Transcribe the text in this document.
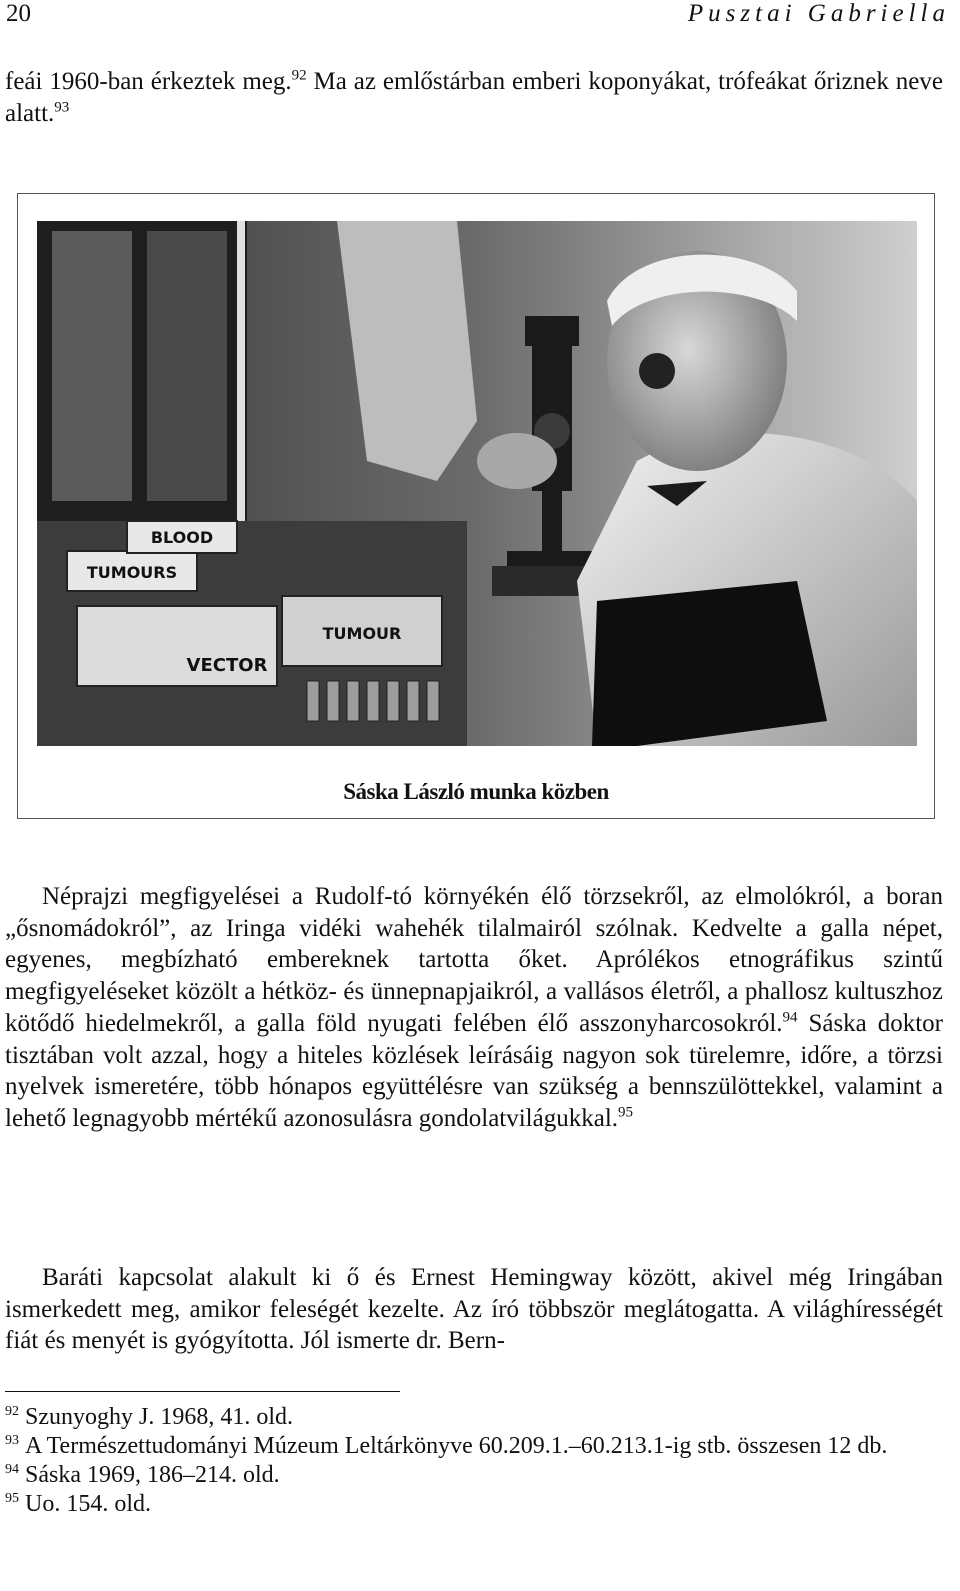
20	Pusztai Gabriella

feái 1960-ban érkeztek meg.$^{92}$ Ma az emlőstárban emberi koponyákat, trófeákat őriznek neve alatt.$^{93}$

TUMOURS
BLOOD
VECTOR
TUMOUR
Sáska László munka közben

Néprajzi megfigyelései a Rudolf-tó környékén élő törzsekről, az elmolókról, a boran „ősnomádokról”, az Iringa vidéki wahehék tilalmairól szólnak. Kedvelte a galla népet, egyenes, megbízható embereknek tartotta őket. Aprólékos etnográfikus szintű megfigyeléseket közölt a hétköz- és ünnepnapjaikról, a vallásos életről, a phallosz kultuszhoz kötődő hiedelmekről, a galla föld nyugati felében élő asszonyharcosokról.$^{94}$ Sáska doktor tisztában volt azzal, hogy a hiteles közlések leírásáig nagyon sok türelemre, időre, a törzsi nyelvek ismeretére, több hónapos együttélésre van szükség a bennszülöttekkel, valamint a lehető legnagyobb mértékű azonosulásra gondolatvilágukkal.$^{95}$

Baráti kapcsolat alakult ki ő és Ernest Hemingway között, akivel még Iringában ismerkedett meg, amikor feleségét kezelte. Az író többször meglátogatta. A világhírességét fiát és menyét is gyógyította. Jól ismerte dr. Bern-

$^{92}$ Szunyoghy J. 1968, 41. old.

$^{93}$ A Természettudományi Múzeum Leltárkönyve 60.209.1.–60.213.1-ig stb. összesen 12 db.

$^{94}$ Sáska 1969, 186–214. old.

$^{95}$ Uo. 154. old.
